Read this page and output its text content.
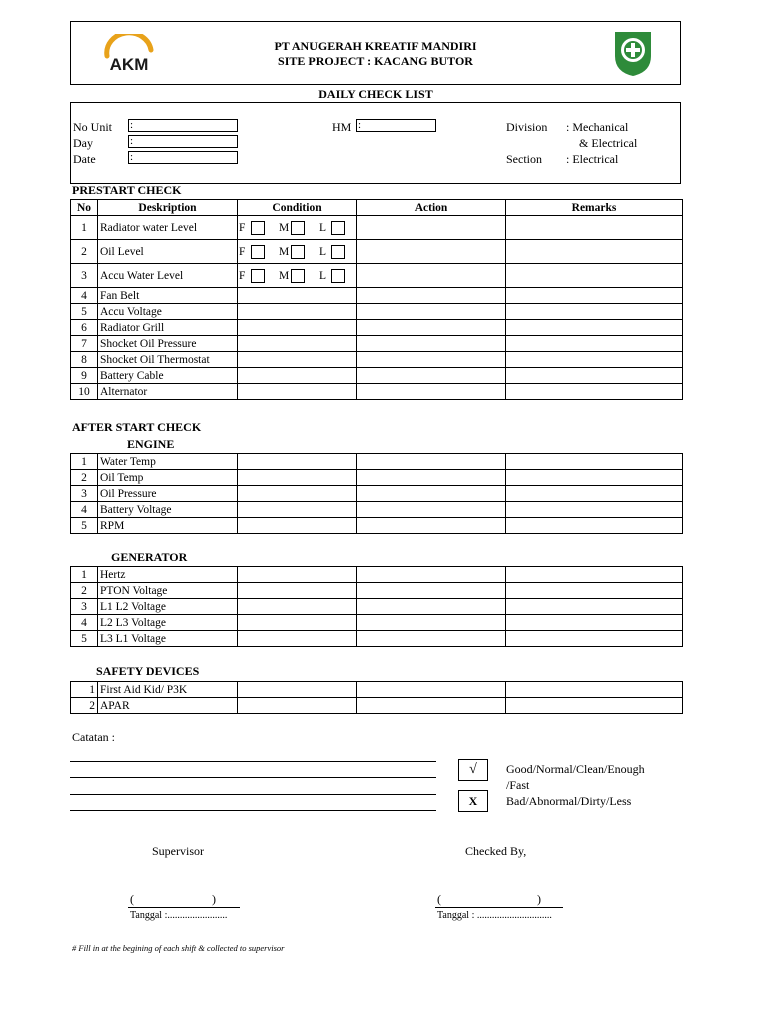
AKM
PT ANUGERAH KREATIF MANDIRI
SITE PROJECT : KACANG BUTOR
DAILY CHECK LIST
No Unit
Day
Date
:
:
:
HM :	Division : Mechanical
& Electrical
Section : Electrical
PRESTART CHECK
No	Deskription	Condition	Action	Remarks
1	Radiator water Level	F M L		
2	Oil Level	F M L		
3	Accu Water Level	F M L		
4	Fan Belt			
5	Accu Voltage			
6	Radiator Grill			
7	Shocket Oil Pressure			
8	Shocket Oil Thermostat			
9	Battery Cable			
10	Alternator			
AFTER START CHECK
ENGINE
1	Water Temp			
2	Oil Temp			
3	Oil Pressure			
4	Battery Voltage			
5	RPM			
GENERATOR
1	Hertz			
2	PTON Voltage			
3	L1 L2 Voltage			
4	L2 L3 Voltage			
5	L3 L1 Voltage			
SAFETY DEVICES
1	First Aid Kid/ P3K			
2	APAR			
Catatan :
√	Good/Normal/Clean/Enough
/Fast
X	Bad/Abnormal/Dirty/Less
Supervisor	Checked By,
(                          )
Tanggal :........................
(                                )
Tanggal : ..............................
# Fill in at the begining of each shift & collected to supervisor
